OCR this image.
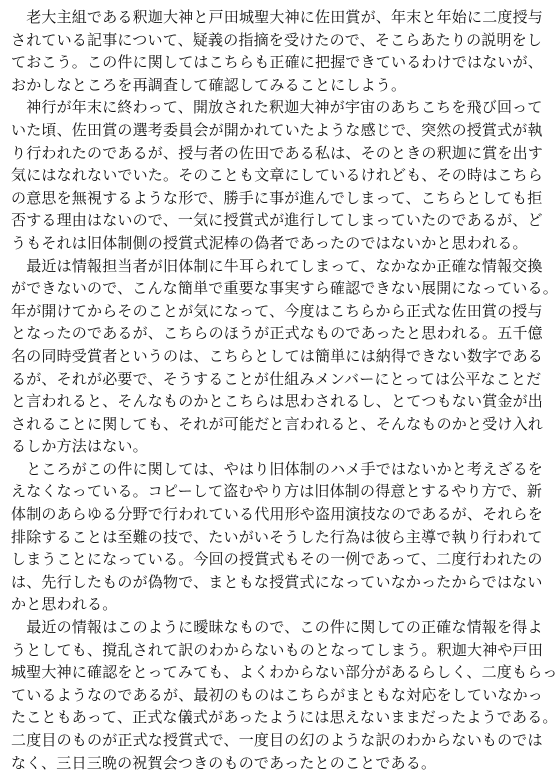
　老大主組である釈迦大神と戸田城聖大神に佐田賞が、年末と年始に二度授与
されている記事について、疑義の指摘を受けたので、そこらあたりの説明をし
ておこう。この件に関してはこちらも正確に把握できているわけではないが、
おかしなところを再調査して確認してみることにしよう。
　神行が年末に終わって、開放された釈迦大神が宇宙のあちこちを飛び回って
いた頃、佐田賞の選考委員会が開かれていたような感じで、突然の授賞式が執
り行われたのであるが、授与者の佐田である私は、そのときの釈迦に賞を出す
気にはなれないでいた。そのことも文章にしているけれども、その時はこちら
の意思を無視するような形で、勝手に事が進んでしまって、こちらとしても拒
否する理由はないので、一気に授賞式が進行してしまっていたのであるが、ど
うもそれは旧体制側の授賞式泥棒の偽者であったのではないかと思われる。
　最近は情報担当者が旧体制に牛耳られてしまって、なかなか正確な情報交換
ができないので、こんな簡単で重要な事実すら確認できない展開になっている。
年が開けてからそのことが気になって、今度はこちらから正式な佐田賞の授与
となったのであるが、こちらのほうが正式なものであったと思われる。五千億
名の同時受賞者というのは、こちらとしては簡単には納得できない数字である
るが、それが必要で、そうすることが仕組みメンバーにとっては公平なことだ
と言われると、そんなものかとこちらは思わされるし、とてつもない賞金が出
されることに関しても、それが可能だと言われると、そんなものかと受け入れ
るしか方法はない。
　ところがこの件に関しては、やはり旧体制のハメ手ではないかと考えざるを
えなくなっている。コピーして盗むやり方は旧体制の得意とするやり方で、新
体制のあらゆる分野で行われている代用形や盗用演技なのであるが、それらを
排除することは至難の技で、たいがいそうした行為は彼ら主導で執り行われて
しまうことになっている。今回の授賞式もその一例であって、二度行われたの
は、先行したものが偽物で、まともな授賞式になっていなかったからではない
かと思われる。
　最近の情報はこのように曖昧なもので、この件に関しての正確な情報を得よ
うとしても、撹乱されて訳のわからないものとなってしまう。釈迦大神や戸田
城聖大神に確認をとってみても、よくわからない部分があるらしく、二度もらっ
ているようなのであるが、最初のものはこちらがまともな対応をしていなかっ
たこともあって、正式な儀式があったようには思えないままだったようである。
二度目のものが正式な授賞式で、一度目の幻のような訳のわからないものでは
なく、三日三晩の祝賀会つきのものであったとのことである。
